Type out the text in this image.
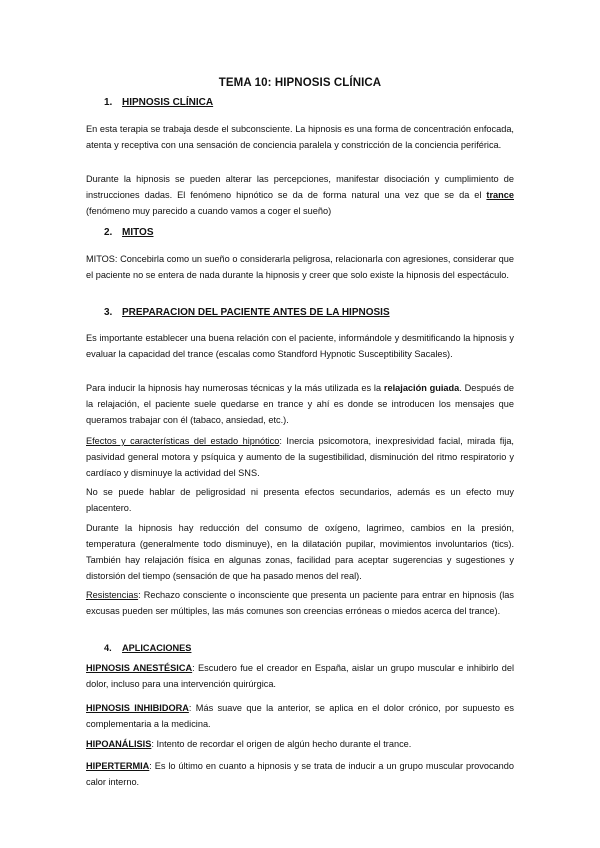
TEMA 10: HIPNOSIS CLÍNICA
1. HIPNOSIS CLÍNICA

En esta terapia se trabaja desde el subconsciente. La hipnosis es una forma de concentración enfocada, atenta y receptiva con una sensación de conciencia paralela y constricción de la conciencia periférica.

Durante la hipnosis se pueden alterar las percepciones, manifestar disociación y cumplimiento de instrucciones dadas. El fenómeno hipnótico se da de forma natural una vez que se da el trance (fenómeno muy parecido a cuando vamos a coger el sueño)

2. MITOS

MITOS: Concebirla como un sueño o considerarla peligrosa, relacionarla con agresiones, considerar que el paciente no se entera de nada durante la hipnosis y creer que solo existe la hipnosis del espectáculo.

3. PREPARACION DEL PACIENTE ANTES DE LA HIPNOSIS

Es importante establecer una buena relación con el paciente, informándole y desmitificando la hipnosis y evaluar la capacidad del trance (escalas como Standford Hypnotic Susceptibility Sacales).

Para inducir la hipnosis hay numerosas técnicas y la más utilizada es la relajación guiada. Después de la relajación, el paciente suele quedarse en trance y ahí es donde se introducen los mensajes que queramos trabajar con él (tabaco, ansiedad, etc.).

Efectos y características del estado hipnótico: Inercia psicomotora, inexpresividad facial, mirada fija, pasividad general motora y psíquica y aumento de la sugestibilidad, disminución del ritmo respiratorio y cardíaco y disminuye la actividad del SNS.

No se puede hablar de peligrosidad ni presenta efectos secundarios, además es un efecto muy placentero.

Durante la hipnosis hay reducción del consumo de oxígeno, lagrimeo, cambios en la presión, temperatura (generalmente todo disminuye), en la dilatación pupilar, movimientos involuntarios (tics). También hay relajación física en algunas zonas, facilidad para aceptar sugerencias y sugestiones y distorsión del tiempo (sensación de que ha pasado menos del real).

Resistencias: Rechazo consciente o inconsciente que presenta un paciente para entrar en hipnosis (las excusas pueden ser múltiples, las más comunes son creencias erróneas o miedos acerca del trance).

4. APLICACIONES

HIPNOSIS ANESTÉSICA: Escudero fue el creador en España, aislar un grupo muscular e inhibirlo del dolor, incluso para una intervención quirúrgica.

HIPNOSIS INHIBIDORA: Más suave que la anterior, se aplica en el dolor crónico, por supuesto es complementaria a la medicina.

HIPOANÁLISIS: Intento de recordar el origen de algún hecho durante el trance.

HIPERTERMIA: Es lo último en cuanto a hipnosis y se trata de inducir a un grupo muscular provocando calor interno.
